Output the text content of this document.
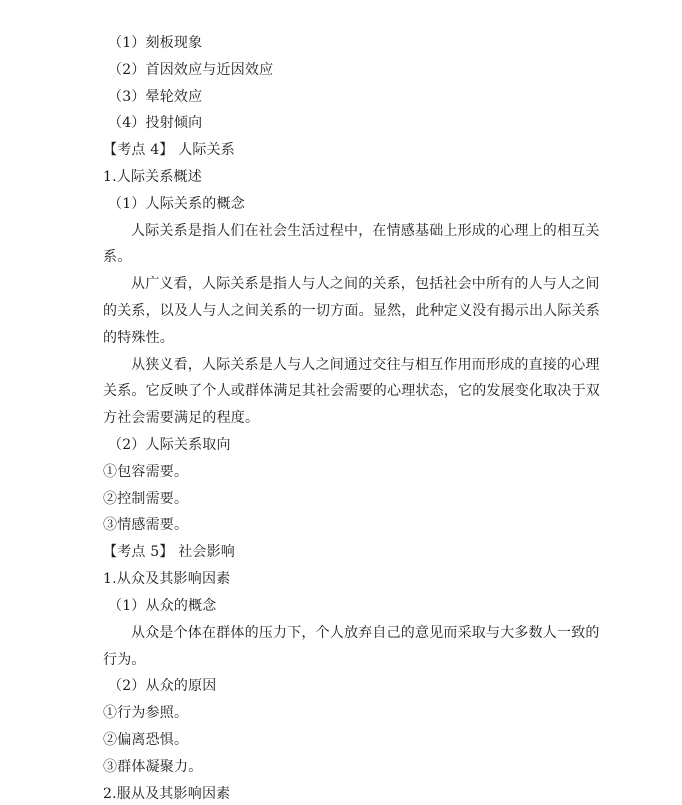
（1）刻板现象
（2）首因效应与近因效应
（3）晕轮效应
（4）投射倾向
【考点 4】 人际关系
1.人际关系概述
（1）人际关系的概念
人际关系是指人们在社会生活过程中，在情感基础上形成的心理上的相互关
系。
从广义看，人际关系是指人与人之间的关系，包括社会中所有的人与人之间
的关系，以及人与人之间关系的一切方面。显然，此种定义没有揭示出人际关系
的特殊性。
从狭义看，人际关系是人与人之间通过交往与相互作用而形成的直接的心理
关系。它反映了个人或群体满足其社会需要的心理状态，它的发展变化取决于双
方社会需要满足的程度。
（2）人际关系取向
①包容需要。
②控制需要。
③情感需要。
【考点 5】 社会影响
1.从众及其影响因素
（1）从众的概念
从众是个体在群体的压力下，个人放弃自己的意见而采取与大多数人一致的
行为。
（2）从众的原因
①行为参照。
②偏离恐惧。
③群体凝聚力。
2.服从及其影响因素
